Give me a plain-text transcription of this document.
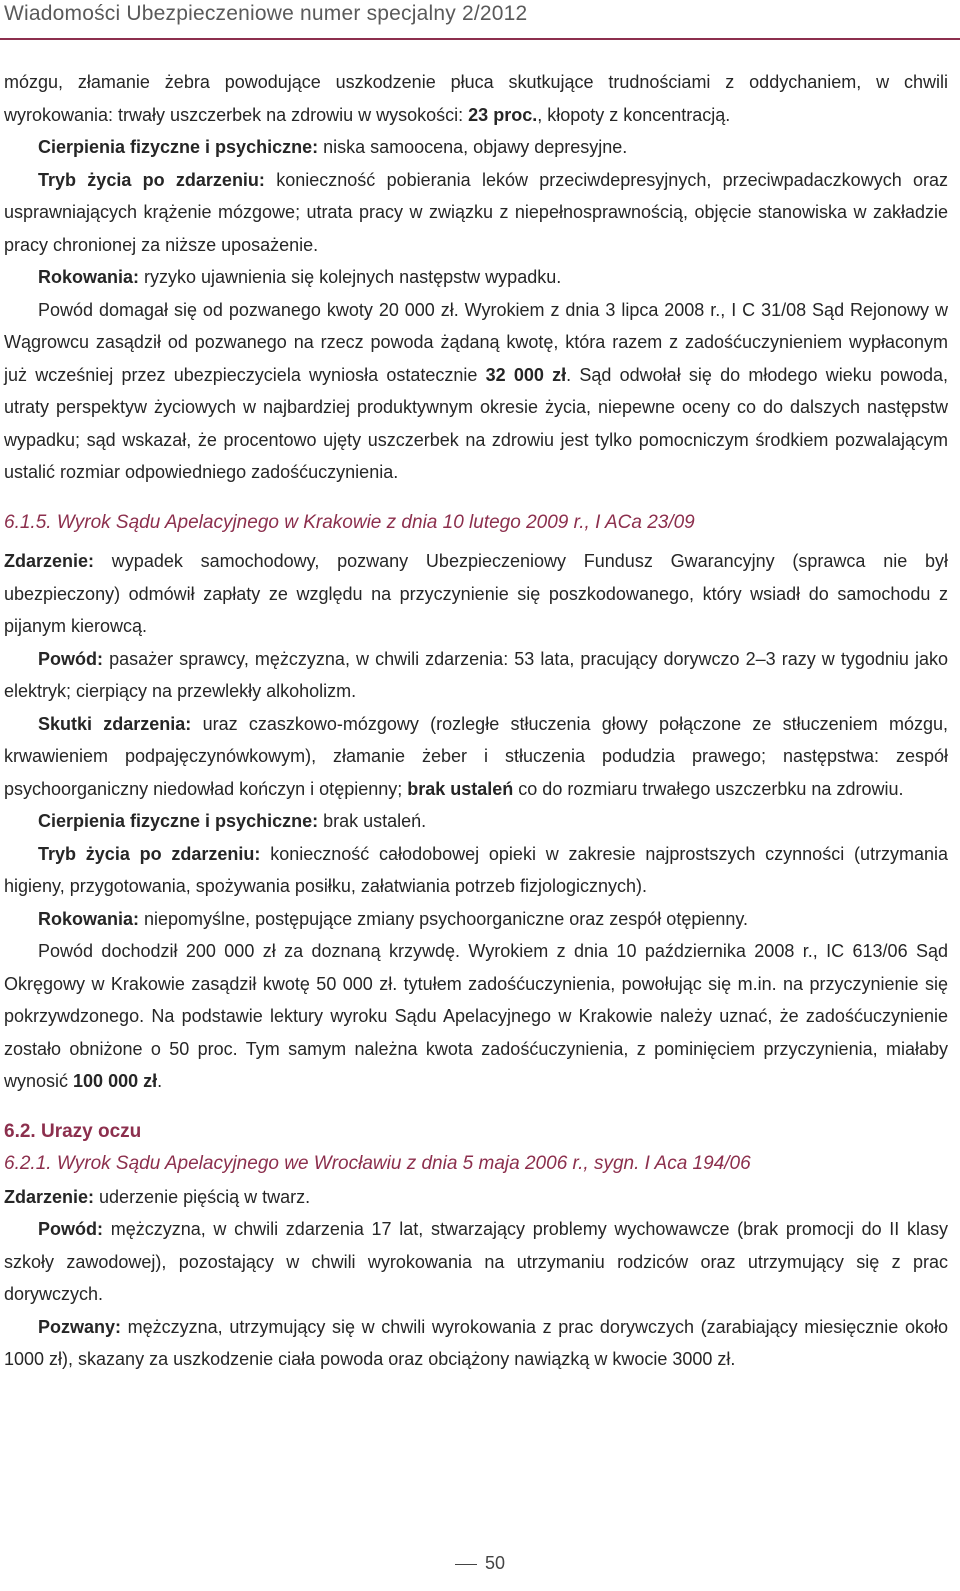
Wiadomości Ubezpieczeniowe numer specjalny 2/2012

mózgu, złamanie żebra powodujące uszkodzenie płuca skutkujące trudnościami z oddychaniem, w chwili wyrokowania: trwały uszczerbek na zdrowiu w wysokości: 23 proc., kłopoty z koncentracją.

Cierpienia fizyczne i psychiczne: niska samoocena, objawy depresyjne.

Tryb życia po zdarzeniu: konieczność pobierania leków przeciwdepresyjnych, przeciwpadaczkowych oraz usprawniających krążenie mózgowe; utrata pracy w związku z niepełnosprawnością, objęcie stanowiska w zakładzie pracy chronionej za niższe uposażenie.

Rokowania: ryzyko ujawnienia się kolejnych następstw wypadku.

Powód domagał się od pozwanego kwoty 20 000 zł. Wyrokiem z dnia 3 lipca 2008 r., I C 31/08 Sąd Rejonowy w Wągrowcu zasądził od pozwanego na rzecz powoda żądaną kwotę, która razem z zadośćuczynieniem wypłaconym już wcześniej przez ubezpieczyciela wyniosła ostatecznie 32 000 zł. Sąd odwołał się do młodego wieku powoda, utraty perspektyw życiowych w najbardziej produktywnym okresie życia, niepewne oceny co do dalszych następstw wypadku; sąd wskazał, że procentowo ujęty uszczerbek na zdrowiu jest tylko pomocniczym środkiem pozwalającym ustalić rozmiar odpowiedniego zadośćuczynienia.

6.1.5. Wyrok Sądu Apelacyjnego w Krakowie z dnia 10 lutego 2009 r., I ACa 23/09

Zdarzenie: wypadek samochodowy, pozwany Ubezpieczeniowy Fundusz Gwarancyjny (sprawca nie był ubezpieczony) odmówił zapłaty ze względu na przyczynienie się poszkodowanego, który wsiadł do samochodu z pijanym kierowcą.

Powód: pasażer sprawcy, mężczyzna, w chwili zdarzenia: 53 lata, pracujący dorywczo 2–3 razy w tygodniu jako elektryk; cierpiący na przewlekły alkoholizm.

Skutki zdarzenia: uraz czaszkowo-mózgowy (rozległe stłuczenia głowy połączone ze stłuczeniem mózgu, krwawieniem podpajęczynówkowym), złamanie żeber i stłuczenia podudzia prawego; następstwa: zespół psychoorganiczny niedowład kończyn i otępienny; brak ustaleń co do rozmiaru trwałego uszczerbku na zdrowiu.

Cierpienia fizyczne i psychiczne: brak ustaleń.

Tryb życia po zdarzeniu: konieczność całodobowej opieki w zakresie najprostszych czynności (utrzymania higieny, przygotowania, spożywania posiłku, załatwiania potrzeb fizjologicznych).

Rokowania: niepomyślne, postępujące zmiany psychoorganiczne oraz zespół otępienny.

Powód dochodził 200 000 zł za doznaną krzywdę. Wyrokiem z dnia 10 października 2008 r., IC 613/06 Sąd Okręgowy w Krakowie zasądził kwotę 50 000 zł. tytułem zadośćuczynienia, powołując się m.in. na przyczynienie się pokrzywdzonego. Na podstawie lektury wyroku Sądu Apelacyjnego w Krakowie należy uznać, że zadośćuczynienie zostało obniżone o 50 proc. Tym samym należna kwota zadośćuczynienia, z pominięciem przyczynienia, miałaby wynosić 100 000 zł.

6.2. Urazy oczu

6.2.1. Wyrok Sądu Apelacyjnego we Wrocławiu z dnia 5 maja 2006 r., sygn. I Aca 194/06

Zdarzenie: uderzenie pięścią w twarz.

Powód: mężczyzna, w chwili zdarzenia 17 lat, stwarzający problemy wychowawcze (brak promocji do II klasy szkoły zawodowej), pozostający w chwili wyrokowania na utrzymaniu rodziców oraz utrzymujący się z prac dorywczych.

Pozwany: mężczyzna, utrzymujący się w chwili wyrokowania z prac dorywczych (zarabiający miesięcznie około 1000 zł), skazany za uszkodzenie ciała powoda oraz obciążony nawiązką w kwocie 3000 zł.

50
